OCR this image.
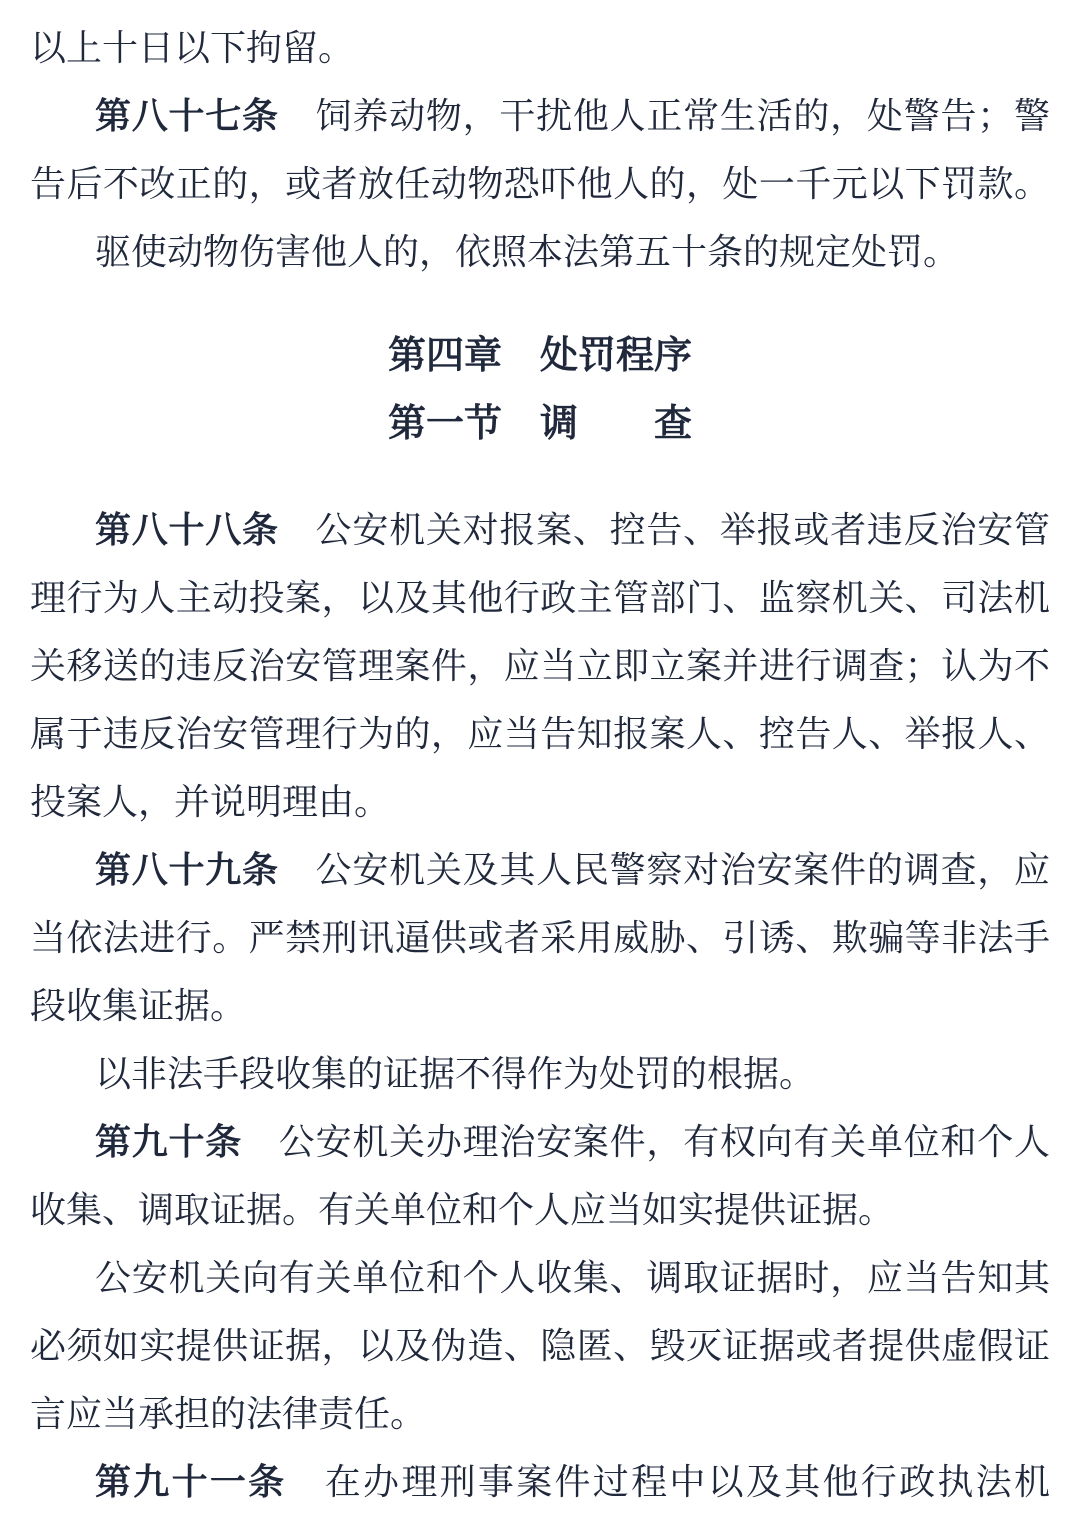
以上十日以下拘留。
第八十七条　饲养动物，干扰他人正常生活的，处警告；警
告后不改正的，或者放任动物恐吓他人的，处一千元以下罚款。
驱使动物伤害他人的，依照本法第五十条的规定处罚。
第四章　处罚程序
第一节　调　　查
第八十八条　公安机关对报案、控告、举报或者违反治安管
理行为人主动投案，以及其他行政主管部门、监察机关、司法机
关移送的违反治安管理案件，应当立即立案并进行调查；认为不
属于违反治安管理行为的，应当告知报案人、控告人、举报人、
投案人，并说明理由。
第八十九条　公安机关及其人民警察对治安案件的调查，应
当依法进行。严禁刑讯逼供或者采用威胁、引诱、欺骗等非法手
段收集证据。
以非法手段收集的证据不得作为处罚的根据。
第九十条　公安机关办理治安案件，有权向有关单位和个人
收集、调取证据。有关单位和个人应当如实提供证据。
公安机关向有关单位和个人收集、调取证据时，应当告知其
必须如实提供证据，以及伪造、隐匿、毁灭证据或者提供虚假证
言应当承担的法律责任。
第九十一条　在办理刑事案件过程中以及其他行政执法机
